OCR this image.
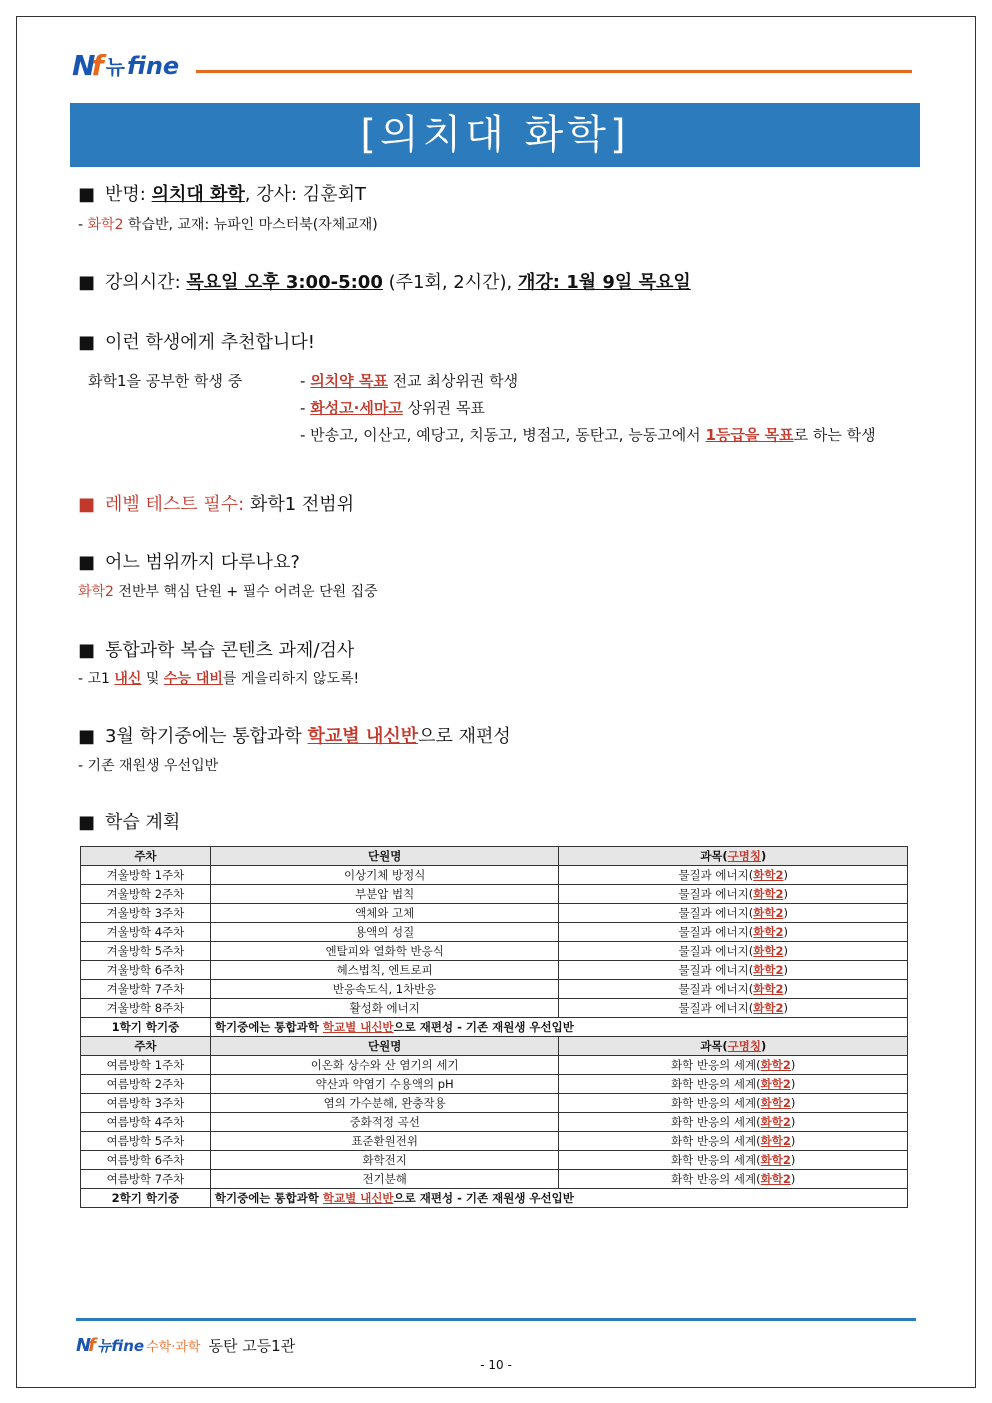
Nf 뉴fine
[의치대 화학]
■ 반명: 의치대 화학, 강사: 김훈회T
- 화학2 학습반, 교재: 뉴파인 마스터북(자체교재)
■ 강의시간: 목요일 오후 3:00-5:00 (주1회, 2시간), 개강: 1월 9일 목요일
■ 이런 학생에게 추천합니다!
화학1을 공부한 학생 중	- 의치약 목표 전교 최상위권 학생
- 화성고·세마고 상위권 목표
- 반송고, 이산고, 예당고, 치동고, 병점고, 동탄고, 능동고에서 1등급을 목표로 하는 학생
■ 레벨 테스트 필수: 화학1 전범위
■ 어느 범위까지 다루나요?
화학2 전반부 핵심 단원 + 필수 어려운 단원 집중
■ 통합과학 복습 콘텐츠 과제/검사
- 고1 내신 및 수능 대비를 게을리하지 않도록!
■ 3월 학기중에는 통합과학 학교별 내신반으로 재편성
- 기존 재원생 우선입반
■ 학습 계획
주차	단원명	과목(구명칭)
겨울방학 1주차	이상기체 방정식	물질과 에너지(화학2)
겨울방학 2주차	부분압 법칙	물질과 에너지(화학2)
겨울방학 3주차	액체와 고체	물질과 에너지(화학2)
겨울방학 4주차	용액의 성질	물질과 에너지(화학2)
겨울방학 5주차	엔탈피와 열화학 반응식	물질과 에너지(화학2)
겨울방학 6주차	헤스법칙, 엔트로피	물질과 에너지(화학2)
겨울방학 7주차	반응속도식, 1차반응	물질과 에너지(화학2)
겨울방학 8주차	활성화 에너지	물질과 에너지(화학2)
1학기 학기중	학기중에는 통합과학 학교별 내신반으로 재편성 - 기존 재원생 우선입반	
주차	단원명	과목(구명칭)
여름방학 1주차	이온화 상수와 산 염기의 세기	화학 반응의 세계(화학2)
여름방학 2주차	약산과 약염기 수용액의 pH	화학 반응의 세계(화학2)
여름방학 3주차	염의 가수분해, 완충작용	화학 반응의 세계(화학2)
여름방학 4주차	중화적정 곡선	화학 반응의 세계(화학2)
여름방학 5주차	표준환원전위	화학 반응의 세계(화학2)
여름방학 6주차	화학전지	화학 반응의 세계(화학2)
여름방학 7주차	전기분해	화학 반응의 세계(화학2)
2학기 학기중	학기중에는 통합과학 학교별 내신반으로 재편성 - 기존 재원생 우선입반	
Nf 뉴fine 수학·과학 동탄 고등1관
- 10 -
